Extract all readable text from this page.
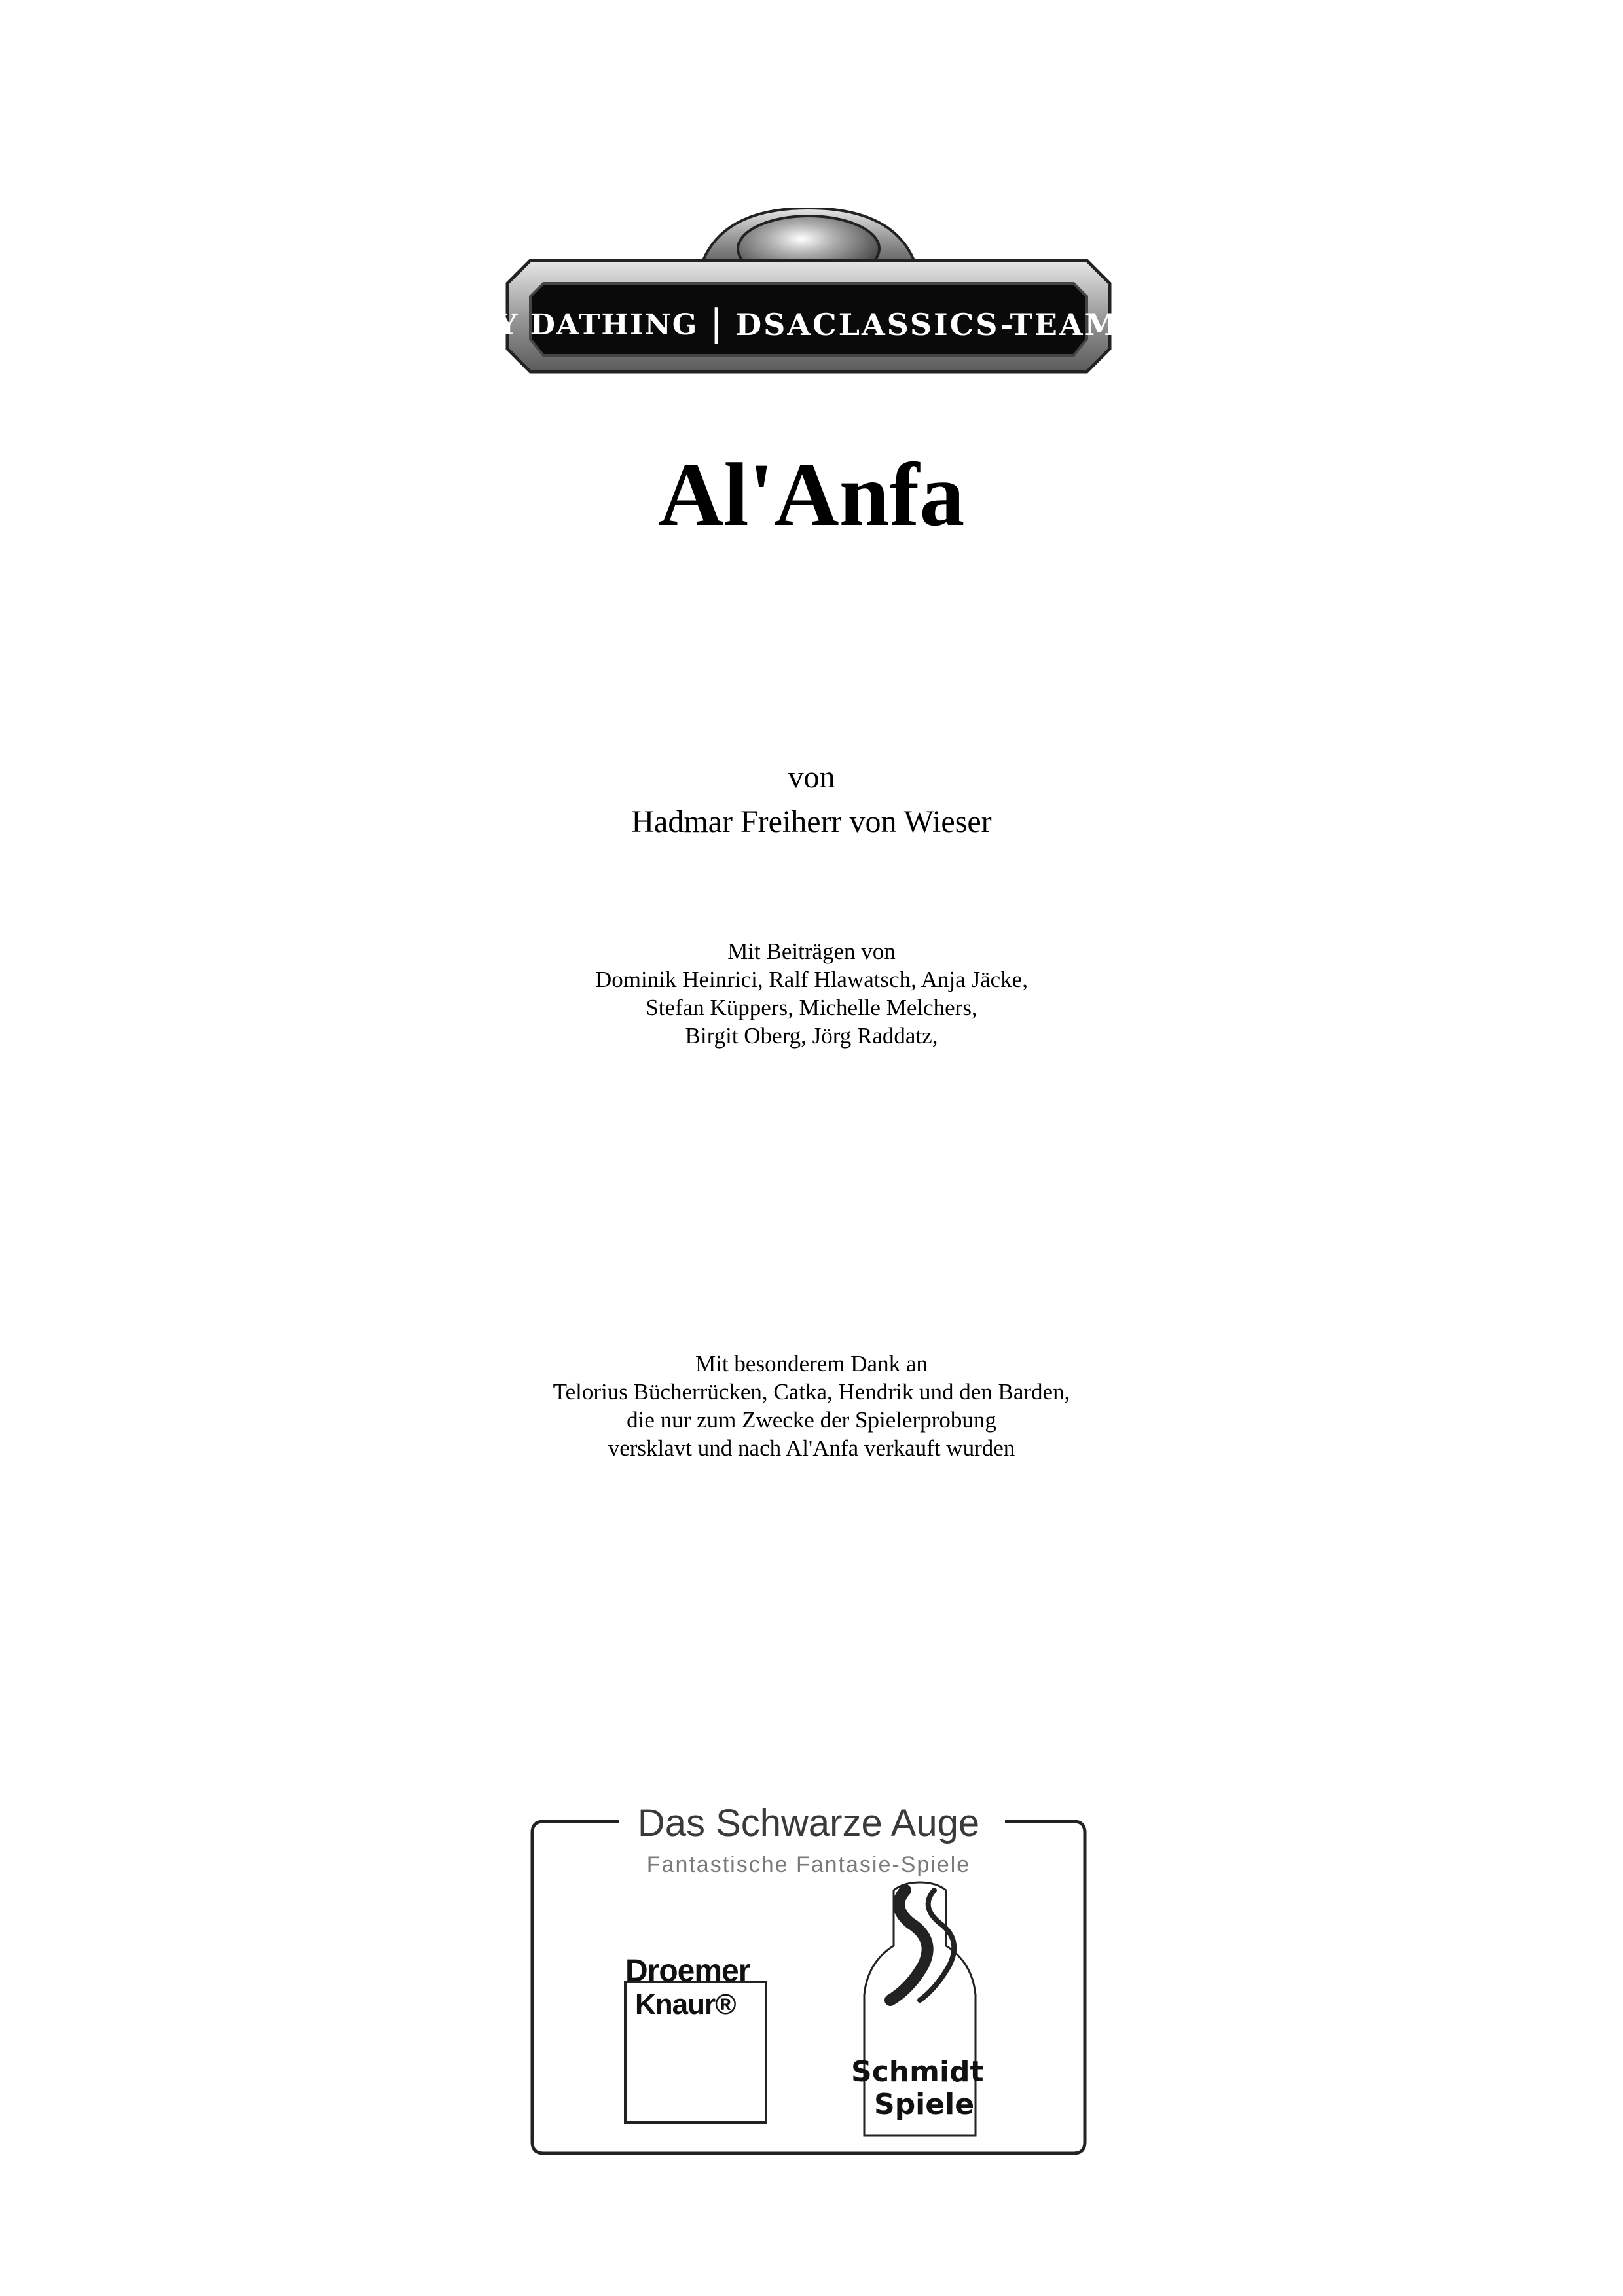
BY DATHING | DSACLASSICS-TEAM |
Al'Anfa
von
Hadmar Freiherr von Wieser
Mit Beiträgen von
Dominik Heinrici, Ralf Hlawatsch, Anja Jäcke,
Stefan Küppers, Michelle Melchers,
Birgit Oberg, Jörg Raddatz,
Mit besonderem Dank an
Telorius Bücherrücken, Catka, Hendrik und den Barden,
die nur zum Zwecke der Spielerprobung
versklavt und nach Al'Anfa verkauft wurden
Das Schwarze Auge
Fantastische Fantasie-Spiele
Droemer
Knaur®
Schmidt
Spiele
